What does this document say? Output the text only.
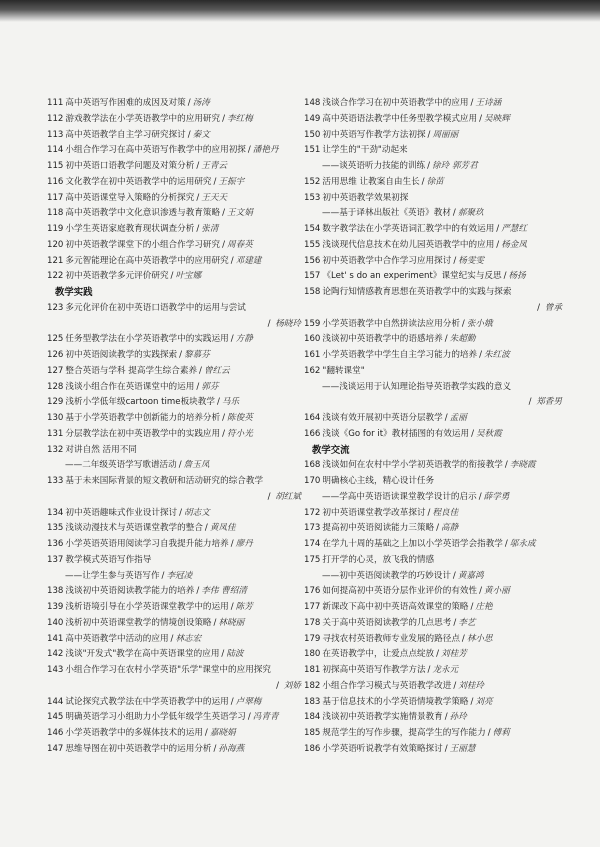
111 高中英语写作困难的成因及对策 / 汤涛
112 游戏教学法在小学英语教学中的应用研究 / 李红梅
113 高中英语教学自主学习研究探讨 / 秦文
114 小组合作学习在高中英语写作教学中的应用初探 / 潘艳丹
115 初中英语口语教学问题及对策分析 / 王青云
116 文化教学在初中英语教学中的运用研究 / 王振宇
117 高中英语课堂导入策略的分析探究 / 王天天
118 高中英语教学中文化意识渗透与教育策略 / 王文娟
119 小学生英语家庭教育现状调查分析 / 张清
120 初中英语教学课堂下的小组合作学习研究 / 周春英
121 多元智能理论在高中英语教学中的应用研究 / 邓建建
122 初中英语教学多元评价研究 / 叶宝娜
教学实践
123 多元化评价在初中英语口语教学中的运用与尝试
/ 杨晓玲
125 任务型教学法在小学英语教学中的实践运用 / 方静
126 初中英语阅读教学的实践探索 / 黎慕芬
127 整合英语与学科 提高学生综合素养 / 曾红云
128 浅谈小组合作在英语课堂中的运用 / 郭芬
129 浅析小学低年级cartoon time板块教学 / 马乐
130 基于小学英语教学中创新能力的培养分析 / 陈俊英
131 分层教学法在初中英语教学中的实践应用 / 符小光
132 对讲自然 活用不同
——二年级英语学写歌谱活动 / 詹玉凤
133 基于未来国际背景的短文教研和活动研究的综合教学
/ 胡红斌
134 初中英语趣味式作业设计探讨 / 胡志文
135 浅谈动漫技术与英语课堂教学的整合 / 黄凤佳
136 小学英语英语用阅读学习自我提升能力培养 / 廖丹
137 教学模式英语写作指导
——让学生参与英语写作 / 李冠凌
138 浅谈初中英语阅读教学能力的培养 / 李伟 曹绍清
139 浅析语境引导在小学英语课堂教学中的运用 / 陈芳
140 浅析初中英语课堂教学的情境创设策略 / 林晓丽
141 高中英语教学中活动的应用 / 林志宏
142 浅谈"开发式"教学在高中英语课堂的应用 / 陆波
143 小组合作学习在农村小学英语"乐学"课堂中的应用探究
/ 刘娇
144 试论探究式教学法在中学英语教学中的运用 / 卢翠梅
145 明确英语学习小组助力小学低年级学生英语学习 / 冯青青
146 小学英语教学中的多媒体技术的运用 / 嘉晓娟
147 思维导图在初中英语教学中的运用分析 / 孙海燕
148 浅谈合作学习在初中英语教学中的应用 / 王诗涵
149 高中英语语法教学中任务型教学模式应用 / 吴映辉
150 初中英语写作教学方法初探 / 周丽丽
151 让学生的"干劲"动起来
——谈英语听力技能的训练 / 徐玲 郭芳君
152 活用思维 让教案自由生长 / 徐苗
153 初中英语教学效果初探
——基于译林出版社《英语》教材 / 郝聚玖
154 数字教学法在小学英语词汇教学中的有效运用 / 严慧红
155 浅谈现代信息技术在幼儿园英语教学中的应用 / 杨金凤
156 初中英语教学中合作学习应用探讨 / 杨雯雯
157 《Let' s do an experiment》课堂纪实与反思 / 杨扬
158 论陶行知情感教育思想在英语教学中的实践与探索
/ 曾承
159 小学英语教学中自然拼读法应用分析 / 张小娥
160 浅谈初中英语教学中的语感培养 / 朱超勤
161 小学英语教学中学生自主学习能力的培养 / 朱红波
162 "翻转课堂"
——浅谈运用于认知理论指导英语教学实践的意义
/ 郑香男
164 浅谈有效开展初中英语分层教学 / 孟丽
166 浅谈《Go for it》教材插图的有效运用 / 吴秋霞
教学交流
168 浅谈如何在农村中学小学初英语教学的衔接教学 / 李晓霞
170 明确核心主线，精心设计任务
——学高中英语语读课堂教学设计的启示 / 薛学勇
172 初中英语课堂教学改革探讨 / 程良佳
173 提高初中英语阅读能力三策略 / 高静
174 在学九十周的基础之上加以小学英语学会指教学 / 邬永成
175 打开学的心灵，放飞我的情感
——初中英语阅读教学的巧妙设计 / 黄嘉鸿
176 如何提高初中英语分层作业评价的有效性 / 黄小丽
177 新课改下高中初中英语高效课堂的策略 / 庄艳
178 关于高中英语阅读教学的几点思考 / 李艺
179 寻找农村英语教师专业发展的路径点 / 林小思
180 在英语教学中，让爱点点绽放 / 刘桂芳
181 初探高中英语写作教学方法 / 龙永元
182 小组合作学习模式与英语教学改进 / 刘桂玲
183 基于信息技术的小学英语情境教学策略 / 刘亮
184 浅谈初中英语教学实施情景教育 / 孙玲
185 规范学生的写作步骤，提高学生的写作能力 / 傅莉
186 小学英语听说教学有效策略探讨 / 王丽慧
